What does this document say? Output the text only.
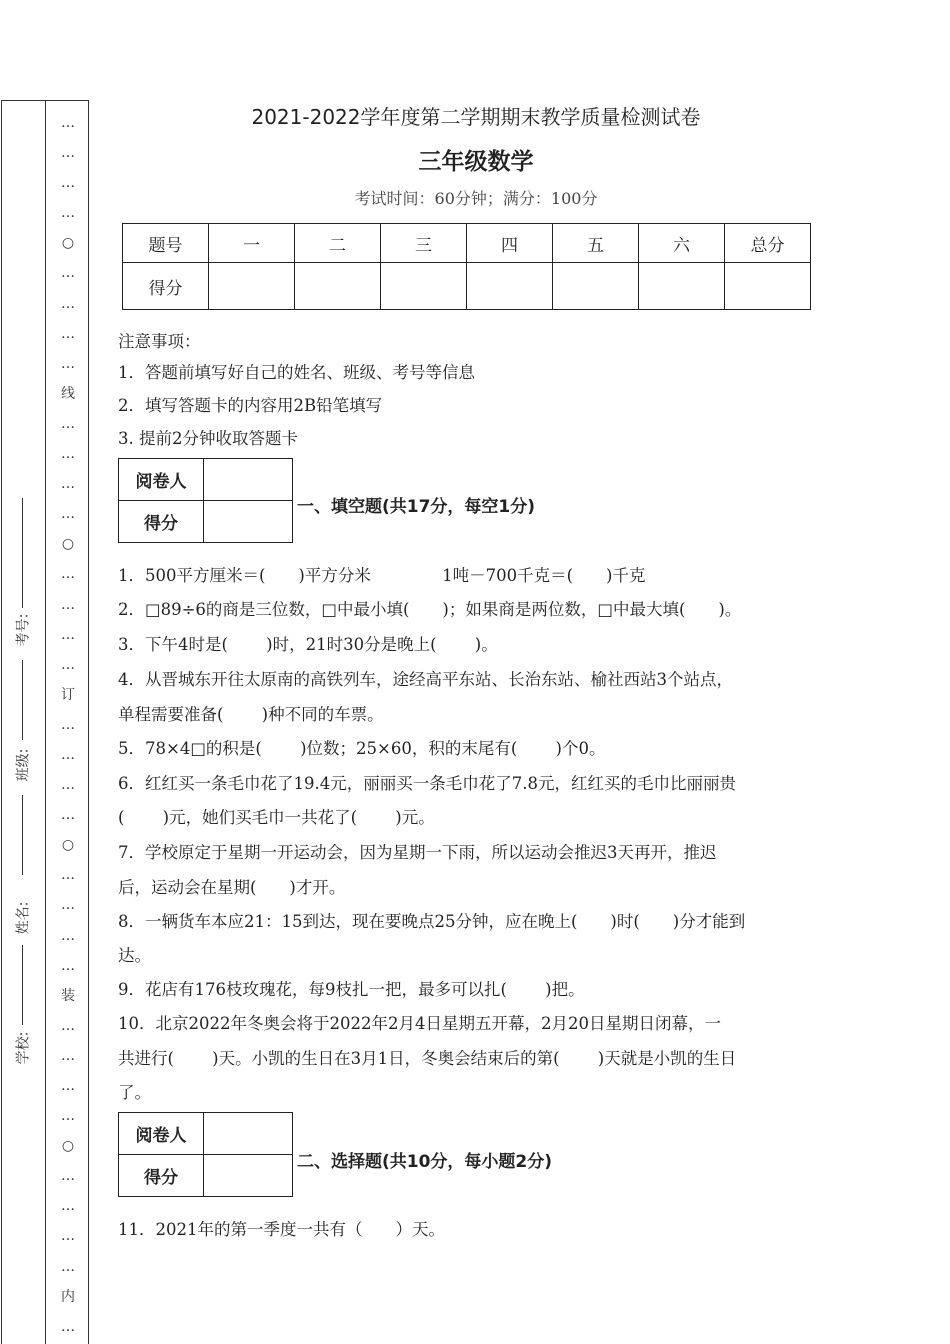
…
…
…
…
○
…
…
…
…
线
…
…
…
…
○
…
…
…
…
订
…
…
…
…
○
…
…
…
…
装
…
…
…
…
○
…
…
…
…
内
…
考号:
班级:
姓名:
学校:
2021-2022学年度第二学期期末教学质量检测试卷
三年级数学
考试时间：60分钟；满分：100分
题号	一	二	三	四	五	六	总分
得分							
注意事项：
1．答题前填写好自己的姓名、班级、考号等信息
2．填写答题卡的内容用2B铅笔填写
3. 提前2分钟收取答题卡
阅卷人	
得分	
一、填空题(共17分，每空1分)
1．500平方厘米＝(　　)平方分米　　　　 1吨－700千克＝(　　)千克
2．□89÷6的商是三位数，□中最小填(　　)；如果商是两位数，□中最大填(　　)。
3．下午4时是(　　 )时，21时30分是晚上(　　 )。
4．从晋城东开往太原南的高铁列车，途经高平东站、长治东站、榆社西站3个站点，
单程需要准备(　　 )种不同的车票。
5．78×4□的积是(　　 )位数；25×60，积的末尾有(　　 )个0。
6．红红买一条毛巾花了19.4元，丽丽买一条毛巾花了7.8元，红红买的毛巾比丽丽贵
(　　 )元，她们买毛巾一共花了(　　 )元。
7．学校原定于星期一开运动会，因为星期一下雨，所以运动会推迟3天再开，推迟
后，运动会在星期(　　)才开。
8．一辆货车本应21：15到达，现在要晚点25分钟，应在晚上(　　)时(　　)分才能到
达。
9．花店有176枝玫瑰花，每9枝扎一把，最多可以扎(　　 )把。
10．北京2022年冬奥会将于2022年2月4日星期五开幕，2月20日星期日闭幕，一
共进行(　　 )天。小凯的生日在3月1日，冬奥会结束后的第(　　 )天就是小凯的生日
了。
阅卷人	
得分	
二、选择题(共10分，每小题2分)
11．2021年的第一季度一共有（　　）天。
